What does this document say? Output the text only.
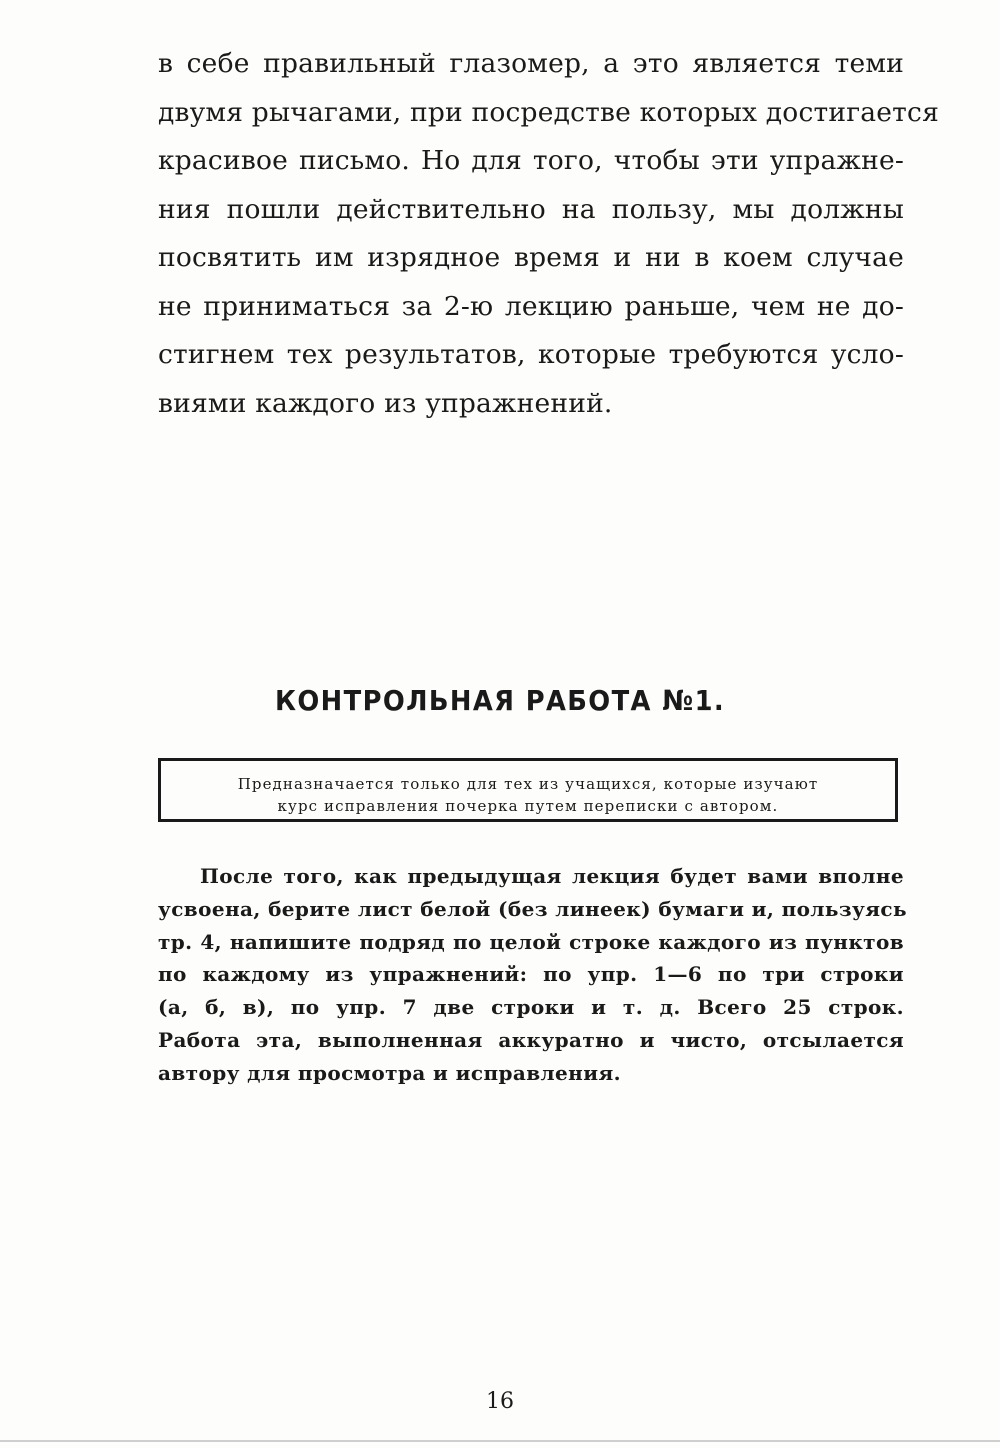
в себе правильный глазомер, а это является теми
двумя рычагами, при посредстве которых достигается
красивое письмо. Но для того, чтобы эти упражне-
ния пошли действительно на пользу, мы должны
посвятить им изрядное время и ни в коем случае
не приниматься за 2-ю лекцию раньше, чем не до-
стигнем тех результатов, которые требуются усло-
виями каждого из упражнений.
КОНТРОЛЬНАЯ РАБОТА №1.
Предназначается только для тех из учащихся, которые изучают
курс исправления почерка путем переписки с автором.
После того, как предыдущая лекция будет вами вполне
усвоена, берите лист белой (без линеек) бумаги и, пользуясь
тр. 4, напишите подряд по целой строке каждого из пунктов
по каждому из упражнений: по упр. 1—6 по три строки
(а, б, в), по упр. 7 две строки и т. д. Всего 25 строк.
Работа эта, выполненная аккуратно и чисто, отсылается
автору для просмотра и исправления.

16
